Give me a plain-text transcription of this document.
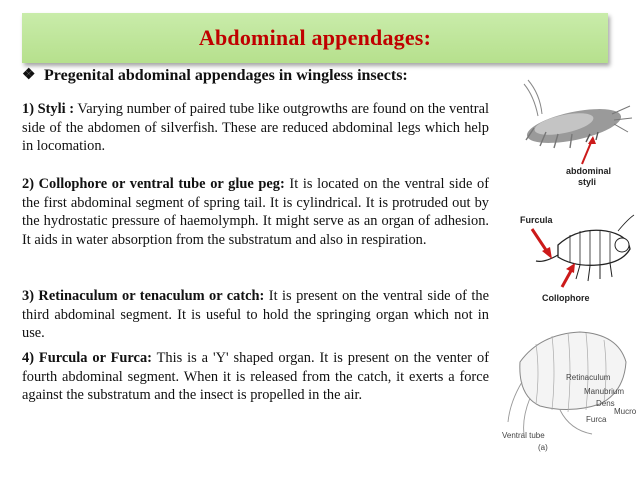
Abdominal appendages:
❖ Pregenital abdominal appendages in wingless insects:

1) Styli : Varying number of paired tube like outgrowths are found on the ventral side of the abdomen of silverfish. These are reduced abdominal legs which help in locomation.

2) Collophore or ventral tube or glue peg: It is located on the ventral side of the first abdominal segment of spring tail. It is cylindrical. It is protruded out by the hydrostatic pressure of haemolymph. It might serve as an organ of adhesion. It aids in water absorption from the substratum and also in respiration.

3) Retinaculum or tenaculum or catch: It is present on the ventral side of the third abdominal segment. It is useful to hold the springing organ which not in use.

4) Furcula or Furca: This is a 'Y' shaped organ. It is present on the venter of fourth abdominal segment. When it is released from the catch, it exerts a force against the substratum and the insect is propelled in the air.

abdominal
styli
Furcula
Collophore
Retinaculum
Manubrium
Dens
Mucro
Furca
Ventral tube
(a)
